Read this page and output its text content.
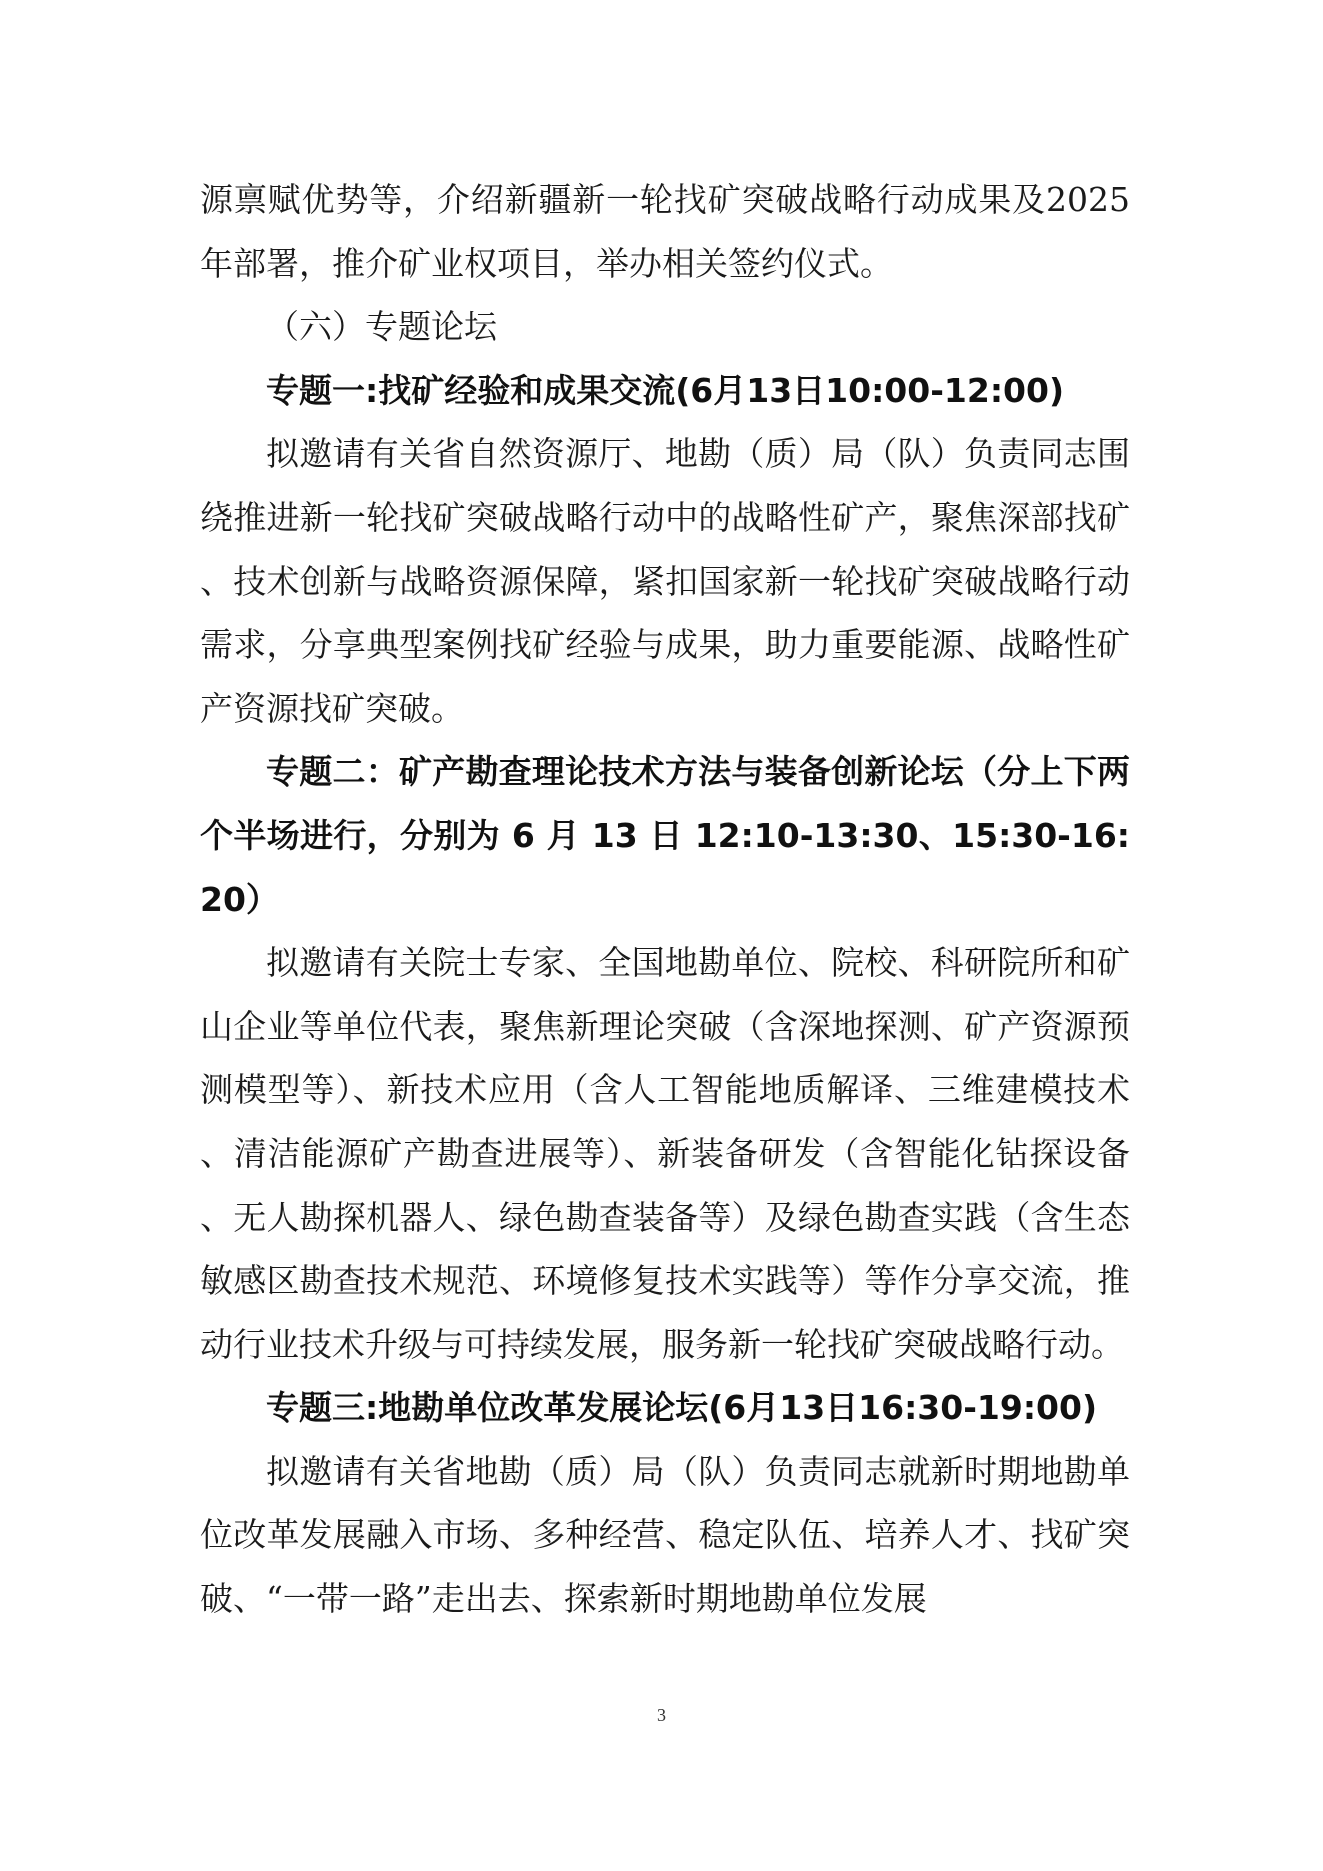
源禀赋优势等，介绍新疆新一轮找矿突破战略行动成果及2025年部署，推介矿业权项目，举办相关签约仪式。

（六）专题论坛

专题一:找矿经验和成果交流(6月13日10:00-12:00)

拟邀请有关省自然资源厅、地勘（质）局（队）负责同志围绕推进新一轮找矿突破战略行动中的战略性矿产，聚焦深部找矿、技术创新与战略资源保障，紧扣国家新一轮找矿突破战略行动需求，分享典型案例找矿经验与成果，助力重要能源、战略性矿产资源找矿突破。

专题二：矿产勘查理论技术方法与装备创新论坛（分上下两个半场进行，分别为 6 月 13 日 12:10-13:30、15:30-16:20）

拟邀请有关院士专家、全国地勘单位、院校、科研院所和矿山企业等单位代表，聚焦新理论突破（含深地探测、矿产资源预测模型等）、新技术应用（含人工智能地质解译、三维建模技术、清洁能源矿产勘查进展等）、新装备研发（含智能化钻探设备、无人勘探机器人、绿色勘查装备等）及绿色勘查实践（含生态敏感区勘查技术规范、环境修复技术实践等）等作分享交流，推动行业技术升级与可持续发展，服务新一轮找矿突破战略行动。

专题三:地勘单位改革发展论坛(6月13日16:30-19:00)

拟邀请有关省地勘（质）局（队）负责同志就新时期地勘单位改革发展融入市场、多种经营、稳定队伍、培养人才、找矿突破、“一带一路”走出去、探索新时期地勘单位发展

3
